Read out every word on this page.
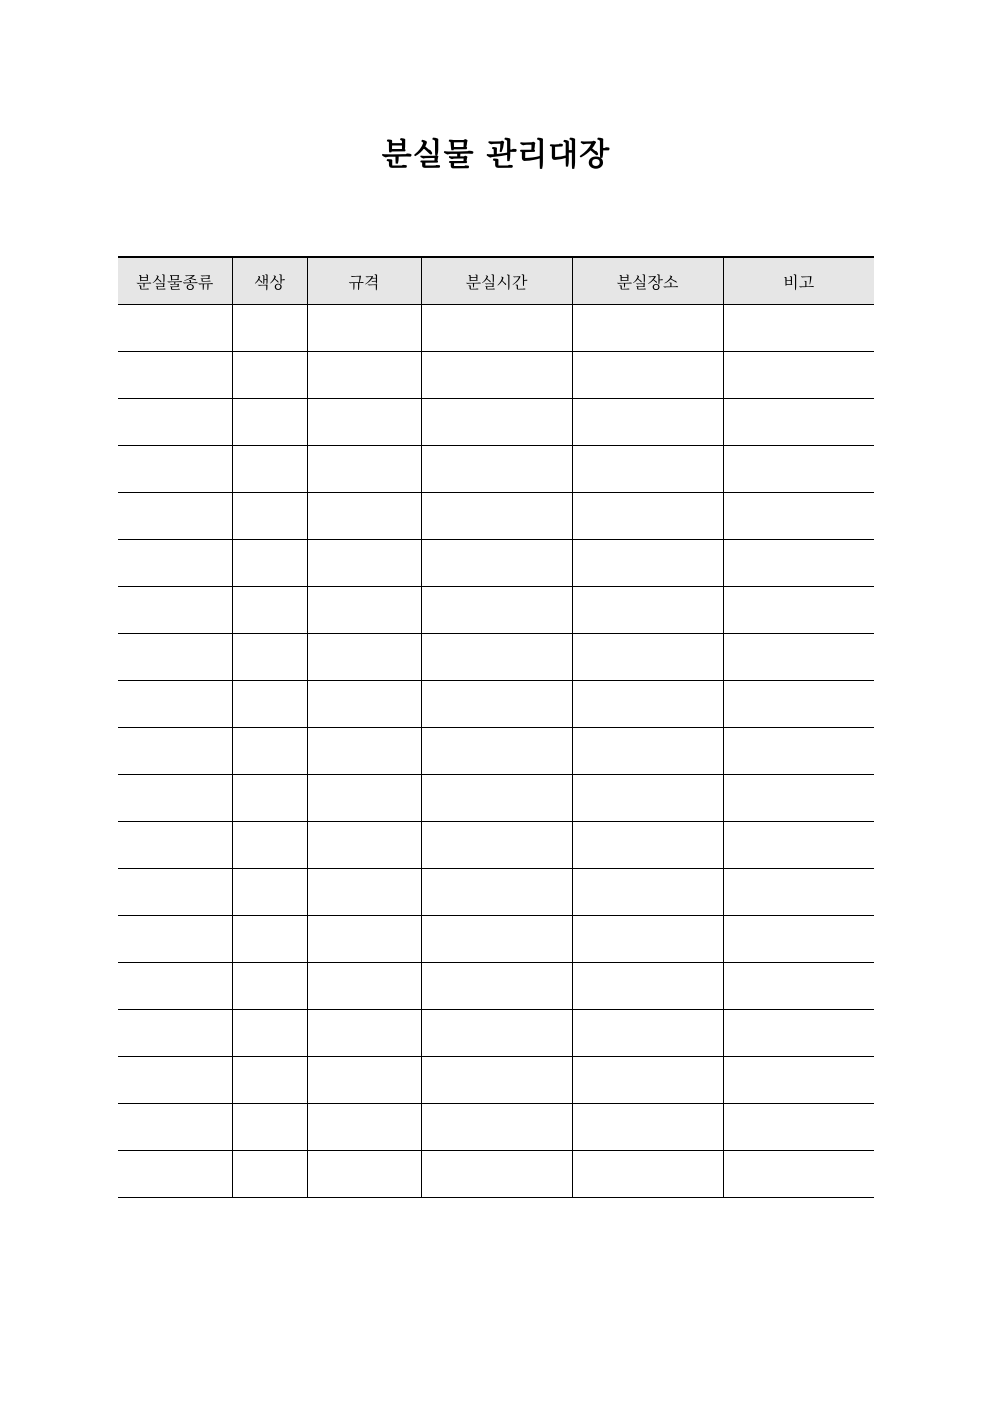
분실물 관리대장
분실물종류	색상	규격	분실시간	분실장소	비고
